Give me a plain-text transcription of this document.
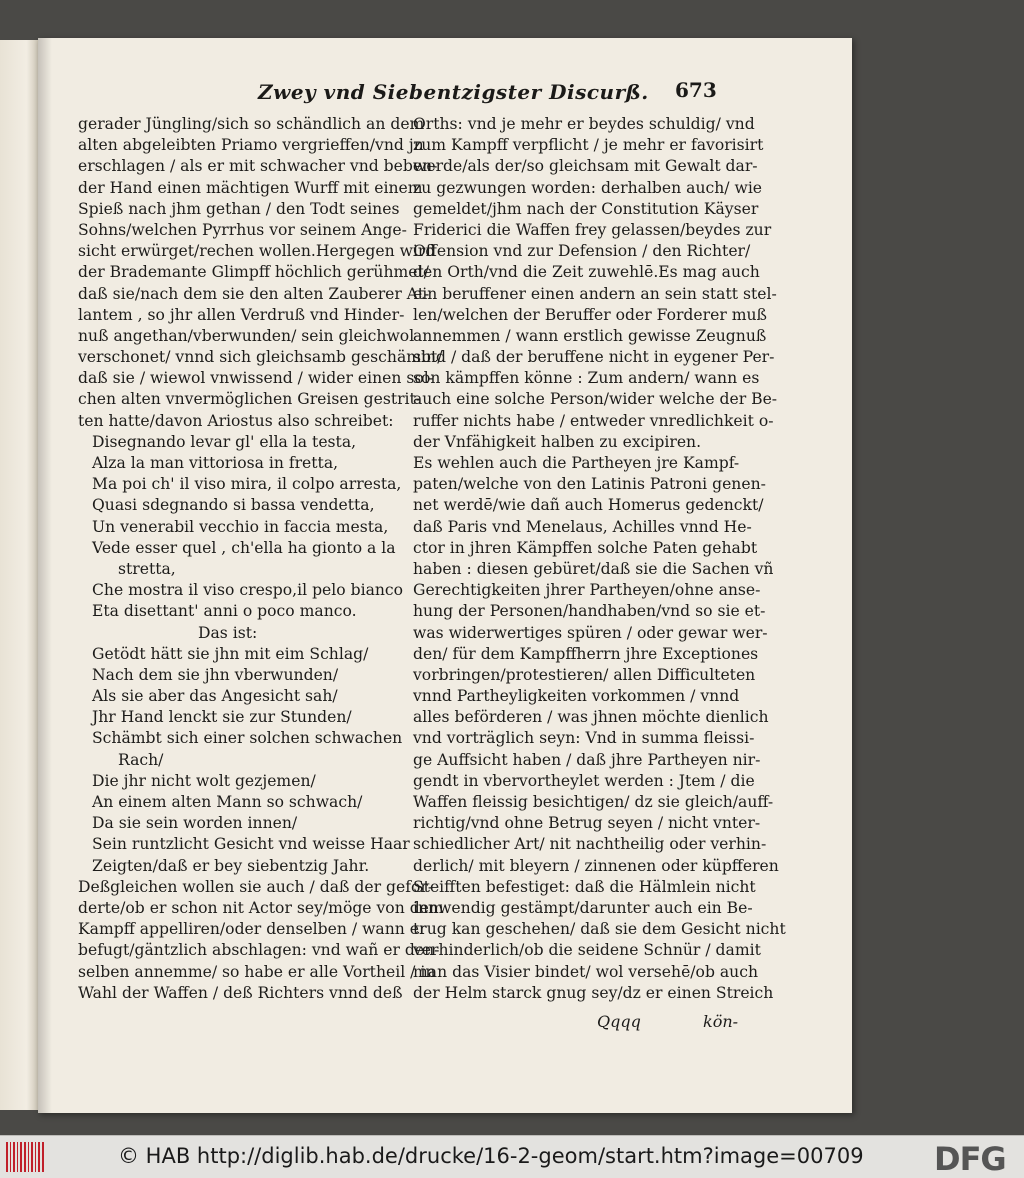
Zwey vnd Siebentzigster Discurß. 673
gerader Jüngling/sich so schändlich an dem
alten abgeleibten Priamo vergrieffen/vnd jn
erschlagen / als er mit schwacher vnd beben-
der Hand einen mächtigen Wurff mit einem
Spieß nach jhm gethan / den Todt seines
Sohns/welchen Pyrrhus vor seinem Ange-
sicht erwürget/rechen wollen.Hergegen wird
der Brademante Glimpff höchlich gerühmet/
daß sie/nach dem sie den alten Zauberer At-
lantem , so jhr allen Verdruß vnd Hinder-
nuß angethan/vberwunden/ sein gleichwol
verschonet/ vnnd sich gleichsamb geschämbt/
daß sie / wiewol vnwissend / wider einen sol-
chen alten vnvermöglichen Greisen gestrit-
ten hatte/davon Ariostus also schreibet:
Disegnando levar gl' ella la testa,
Alza la man vittoriosa in fretta,
Ma poi ch' il viso mira, il colpo arresta,
Quasi sdegnando si bassa vendetta,
Un venerabil vecchio in faccia mesta,
Vede esser quel , ch'ella ha gionto a la
stretta,
Che mostra il viso crespo,il pelo bianco
Eta disettant' anni o poco manco.
Das ist:
Getödt hätt sie jhn mit eim Schlag/
Nach dem sie jhn vberwunden/
Als sie aber das Angesicht sah/
Jhr Hand lenckt sie zur Stunden/
Schämbt sich einer solchen schwachen
Rach/
Die jhr nicht wolt gezjemen/
An einem alten Mann so schwach/
Da sie sein worden innen/
Sein runtzlicht Gesicht vnd weisse Haar
Zeigten/daß er bey siebentzig Jahr.
Deßgleichen wollen sie auch / daß der gefor-
derte/ob er schon nit Actor sey/möge von dem
Kampff appelliren/oder denselben / wann er
befugt/gäntzlich abschlagen: vnd wañ er den-
selben annemme/ so habe er alle Vortheil / in
Wahl der Waffen / deß Richters vnnd deß
Orths: vnd je mehr er beydes schuldig/ vnd
zum Kampff verpflicht / je mehr er favorisirt
werde/als der/so gleichsam mit Gewalt dar-
zu gezwungen worden: derhalben auch/ wie
gemeldet/jhm nach der Constitution Käyser
Friderici die Waffen frey gelassen/beydes zur
Offension vnd zur Defension / den Richter/
den Orth/vnd die Zeit zuwehlē.Es mag auch
ein beruffener einen andern an sein statt stel-
len/welchen der Beruffer oder Forderer muß
annemmen / wann erstlich gewisse Zeugnuß
sind / daß der beruffene nicht in eygener Per-
son kämpffen könne : Zum andern/ wann es
auch eine solche Person/wider welche der Be-
ruffer nichts habe / entweder vnredlichkeit o-
der Vnfähigkeit halben zu excipiren.
Es wehlen auch die Partheyen jre Kampf-
paten/welche von den Latinis Patroni genen-
net werdē/wie dañ auch Homerus gedenckt/
daß Paris vnd Menelaus, Achilles vnnd He-
ctor in jhren Kämpffen solche Paten gehabt
haben : diesen gebüret/daß sie die Sachen vñ
Gerechtigkeiten jhrer Partheyen/ohne anse-
hung der Personen/handhaben/vnd so sie et-
was widerwertiges spüren / oder gewar wer-
den/ für dem Kampffherrn jhre Exceptiones
vorbringen/protestieren/ allen Difficulteten
vnnd Partheyligkeiten vorkommen / vnnd
alles beförderen / was jhnen möchte dienlich
vnd vorträglich seyn: Vnd in summa fleissi-
ge Auffsicht haben / daß jhre Partheyen nir-
gendt in vbervortheylet werden : Jtem / die
Waffen fleissig besichtigen/ dz sie gleich/auff-
richtig/vnd ohne Betrug seyen / nicht vnter-
schiedlicher Art/ nit nachtheilig oder verhin-
derlich/ mit bleyern / zinnenen oder küpfferen
Steifften befestiget: daß die Hälmlein nicht
innwendig gestämpt/darunter auch ein Be-
trug kan geschehen/ daß sie dem Gesicht nicht
verhinderlich/ob die seidene Schnür / damit
man das Visier bindet/ wol versehē/ob auch
der Helm starck gnug sey/dz er einen Streich
Qqqq	kön-
© HAB http://diglib.hab.de/drucke/16-2-geom/start.htm?image=00709 DFG
